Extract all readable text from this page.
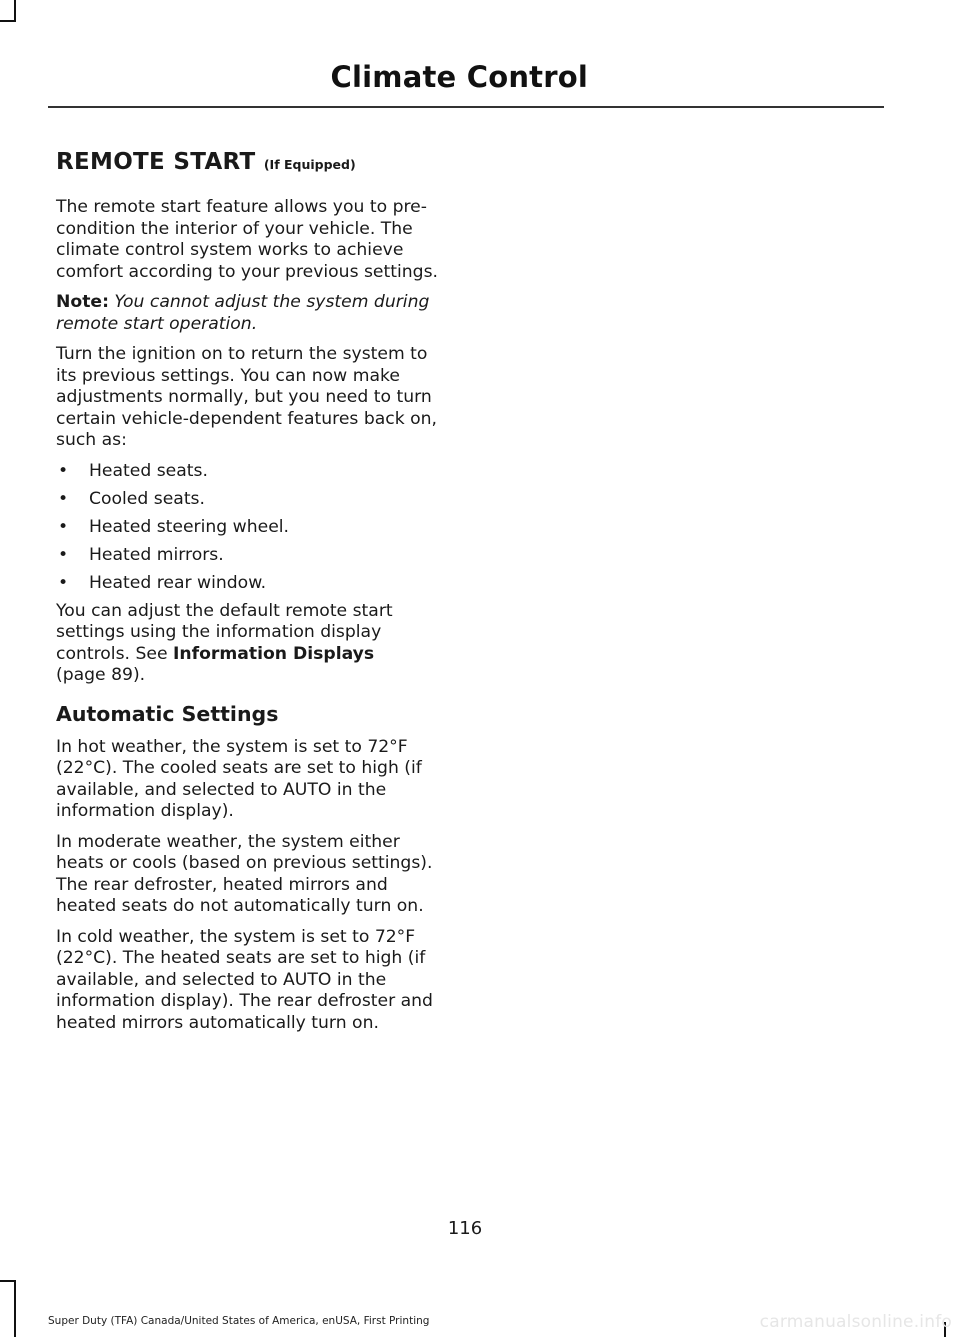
Climate Control
REMOTE START (If Equipped)

The remote start feature allows you to pre-condition the interior of your vehicle. The climate control system works to achieve comfort according to your previous settings.

Note: You cannot adjust the system during remote start operation.

Turn the ignition on to return the system to its previous settings. You can now make adjustments normally, but you need to turn certain vehicle-dependent features back on, such as:

• Heated seats.
• Cooled seats.
• Heated steering wheel.
• Heated mirrors.
• Heated rear window.

You can adjust the default remote start settings using the information display controls. See Information Displays
(page 89).

Automatic Settings

In hot weather, the system is set to 72°F (22°C). The cooled seats are set to high (if available, and selected to AUTO in the information display).

In moderate weather, the system either heats or cools (based on previous settings). The rear defroster, heated mirrors and heated seats do not automatically turn on.

In cold weather, the system is set to 72°F (22°C). The heated seats are set to high (if available, and selected to AUTO in the information display). The rear defroster and heated mirrors automatically turn on.

116
Super Duty (TFA) Canada/United States of America, enUSA, First Printing	carmanualsonline.info
